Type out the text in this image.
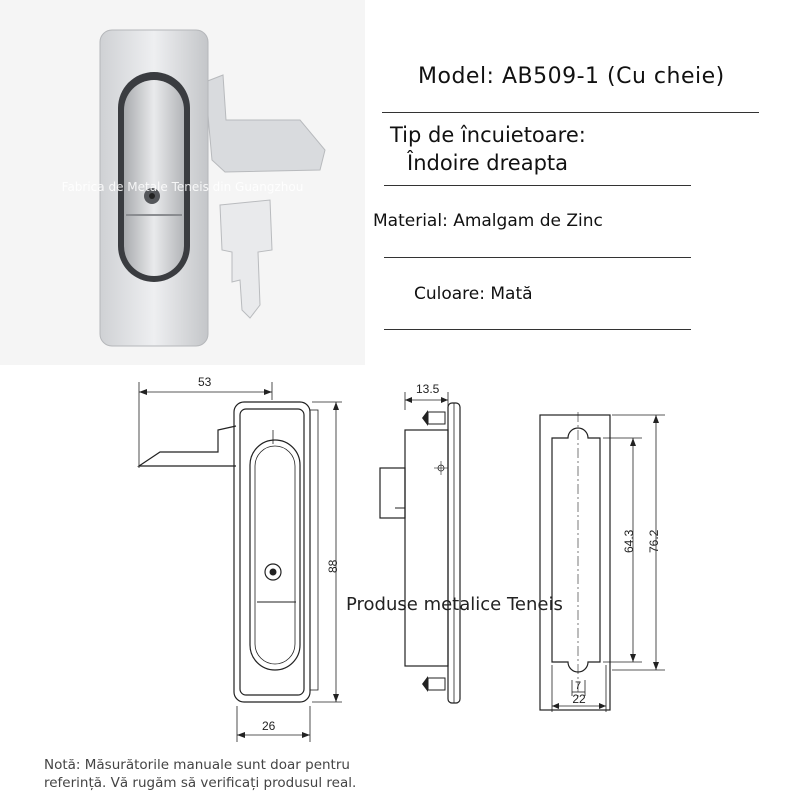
Fabrica de Metale Teneis din Guangzhou
Model: AB509-1 (Cu cheie)
Tip de încuietoare:
Îndoire dreapta
Material: Amalgam de Zinc
Culoare: Mată
53
88
26
13.5
64.3 76.2
7
22
Produse metalice Teneis
Notă: Măsurătorile manuale sunt doar pentru
referință. Vă rugăm să verificați produsul real.
